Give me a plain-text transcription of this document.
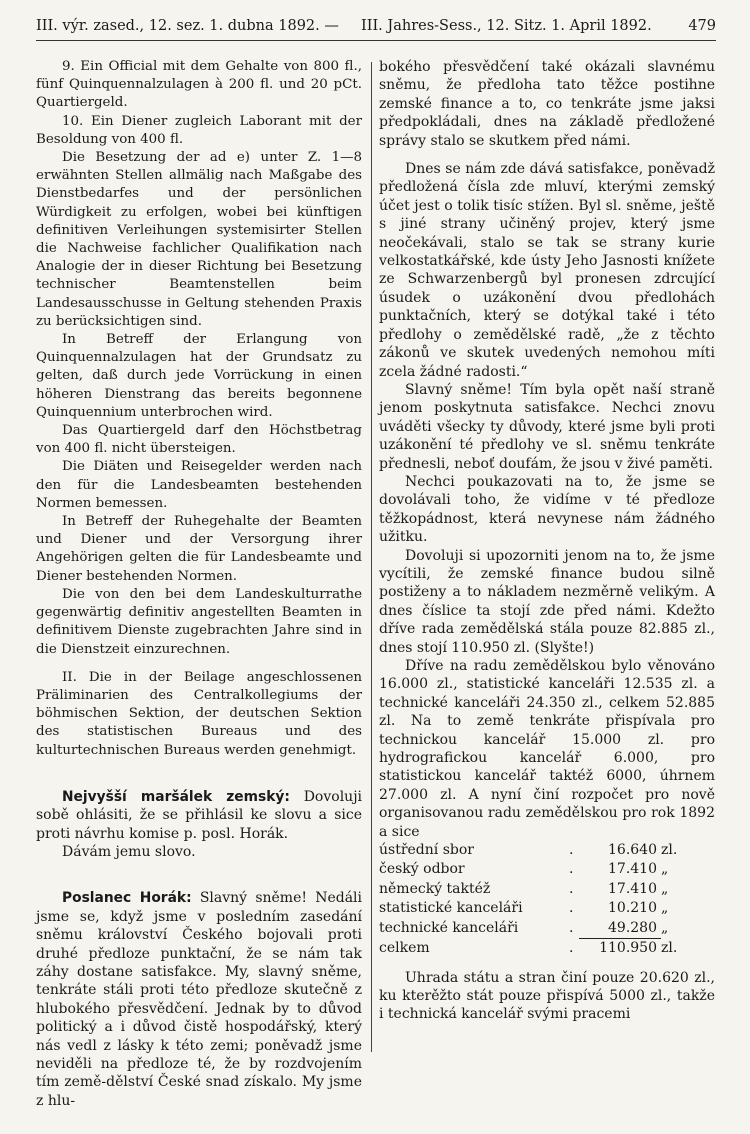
III. výr. zased., 12. sez. 1. dubna 1892. — III. Jahres-Sess., 12. Sitz. 1. April 1892.	479

9. Ein Official mit dem Gehalte von 800 fl., fünf Quinquennalzulagen à 200 fl. und 20 pCt. Quartiergeld.

10. Ein Diener zugleich Laborant mit der Besoldung von 400 fl.

Die Besetzung der ad e) unter Z. 1—8 erwähnten Stellen allmälig nach Maßgabe des Dienstbedarfes und der persönlichen Würdigkeit zu erfolgen, wobei bei künftigen definitiven Verleihungen systemisirter Stellen die Nachweise fachlicher Qualifikation nach Analogie der in dieser Richtung bei Besetzung technischer Beamtenstellen beim Landesausschusse in Geltung stehenden Praxis zu berücksichtigen sind.

In Betreff der Erlangung von Quinquennalzulagen hat der Grundsatz zu gelten, daß durch jede Vorrückung in einen höheren Dienstrang das bereits begonnene Quinquennium unterbrochen wird.

Das Quartiergeld darf den Höchstbetrag von 400 fl. nicht übersteigen.

Die Diäten und Reisegelder werden nach den für die Landesbeamten bestehenden Normen bemessen.

In Betreff der Ruhegehalte der Beamten und Diener und der Versorgung ihrer Angehörigen gelten die für Landesbeamte und Diener bestehenden Normen.

Die von den bei dem Landeskulturrathe gegenwärtig definitiv angestellten Beamten in definitivem Dienste zugebrachten Jahre sind in die Dienstzeit einzurechnen.

II. Die in der Beilage angeschlossenen Präliminarien des Centralkollegiums der böhmischen Sektion, der deutschen Sektion des statistischen Bureaus und des kulturtechnischen Bureaus werden genehmigt.

Nejvyšší maršálek zemský: Dovoluji sobě ohlásiti, že se přihlásil ke slovu a sice proti návrhu komise p. posl. Horák.

Dávám jemu slovo.

Poslanec Horák: Slavný sněme! Nedáli jsme se, když jsme v posledním zasedání sněmu království Českého bojovali proti druhé předloze punktační, že se nám tak záhy dostane satisfakce. My, slavný sněme, tenkráte stáli proti této předloze skutečně z hlubokého přesvědčení. Jednak by to důvod politický a i důvod čistě hospodářský, který nás vedl z lásky k této zemi; poněvadž jsme neviděli na předloze té, že by rozdvojením tím země-dělství České snad získalo. My jsme z hlu-

bokého přesvědčení také okázali slavnému sněmu, že předloha tato těžce postihne zemské finance a to, co tenkráte jsme jaksi předpokládali, dnes na základě předložené správy stalo se skutkem před námi.

Dnes se nám zde dává satisfakce, poněvadž předložená čísla zde mluví, kterými zemský účet jest o tolik tisíc stížen. Byl sl. sněme, ještě s jiné strany učiněný projev, který jsme neočekávali, stalo se tak se strany kurie velkostatkářské, kde ústy Jeho Jasnosti knížete ze Schwarzenbergů byl pronesen zdrcující úsudek o uzákonění dvou předlohách punktačních, který se dotýkal také i této předlohy o zemědělské radě, „že z těchto zákonů ve skutek uvedených nemohou míti zcela žádné radosti.“

Slavný sněme! Tím byla opět naší straně jenom poskytnuta satisfakce. Nechci znovu uváděti všecky ty důvody, které jsme byli proti uzákonění té předlohy ve sl. sněmu tenkráte přednesli, neboť doufám, že jsou v živé paměti.

Nechci poukazovati na to, že jsme se dovolávali toho, že vidíme v té předloze těžkopádnost, která nevynese nám žádného užitku.

Dovoluji si upozorniti jenom na to, že jsme vycítili, že zemské finance budou silně postiženy a to nákladem nezměrně velikým. A dnes číslice ta stojí zde před námi. Kdežto dříve rada zemědělská stála pouze 82.885 zl., dnes stojí 110.950 zl. (Slyšte!)

Dříve na radu zemědělskou bylo věnováno 16.000 zl., statistické kanceláři 12.535 zl. a technické kanceláři 24.350 zl., celkem 52.885 zl. Na to země tenkráte přispívala pro technickou kancelář 15.000 zl. pro hydrografickou kancelář 6.000, pro statistickou kancelář taktéž 6000, úhrnem 27.000 zl. A nyní činí rozpočet pro nově organisovanou radu zemědělskou pro rok 1892 a sice

ústřední sbor	.	16.640	zl.
český odbor	.	17.410	„
německý taktéž	.	17.410	„
statistické kanceláři	.	10.210	„
technické kanceláři	.	49.280	„
celkem	.	110.950	zl.

Uhrada státu a stran činí pouze 20.620 zl., ku kterěžto stát pouze přispívá 5000 zl., takže i technická kancelář svými pracemi
